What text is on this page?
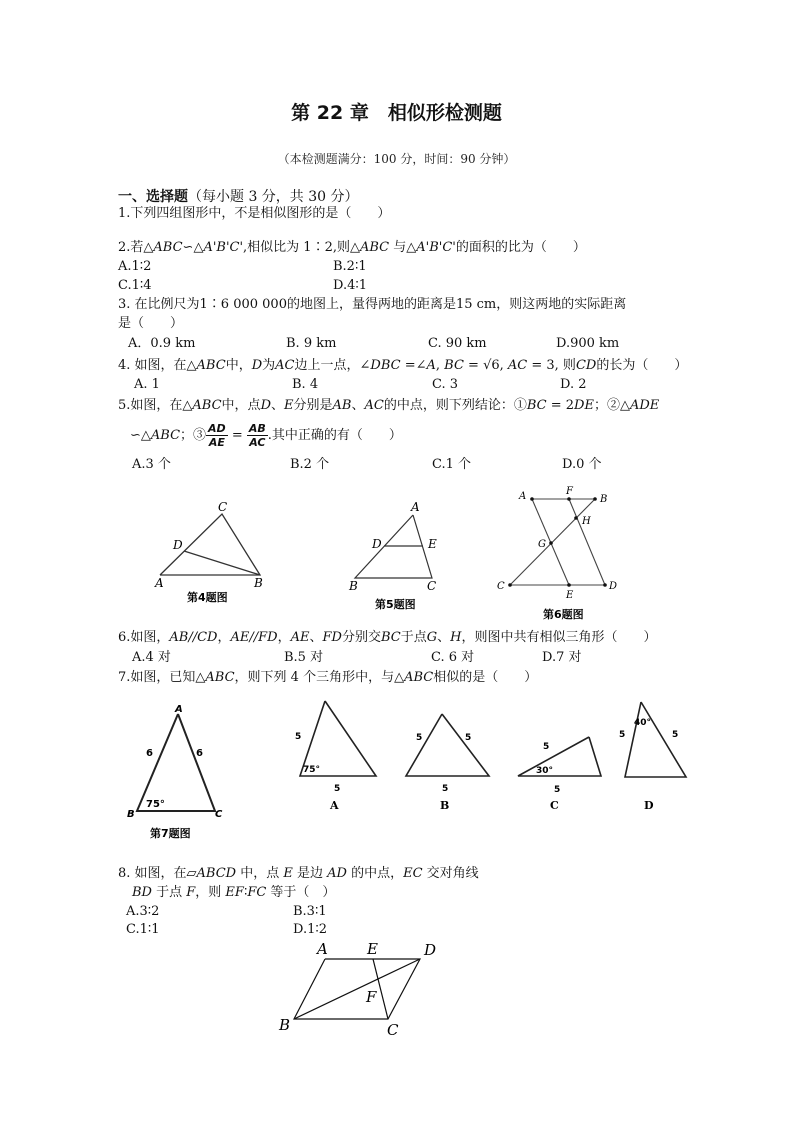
第 22 章　相似形检测题
（本检测题满分：100 分，时间：90 分钟）
一、选择题（每小题 3 分，共 30 分）
1.下列四组图形中，不是相似图形的是（　　）
2.若△ABC∽△A'B'C',相似比为 1∶2,则△ABC 与△A'B'C'的面积的比为（　　）
A.1∶2	B.2∶1
C.1∶4	D.4∶1
3. 在比例尺为1∶6 000 000的地图上，量得两地的距离是15 cm，则这两地的实际距离
是（　　）
A．0.9 km	B. 9 km	C. 90 km	D.900 km
4. 如图，在△ABC中，D为AC边上一点，∠DBC =∠A, BC = √6, AC = 3, 则CD的长为（　　）
A. 1	B. 4	C. 3	D. 2
5.如图，在△ABC中，点D、E分别是AB、AC的中点，则下列结论：①BC = 2DE；②△ADE
∽△ABC；③ $\frac{AD}{AE} = \frac{AB}{AC}$ .其中正确的有（　　）
A.3 个	B.2 个	C.1 个	D.0 个
C
D
A	B
第4题图
A
D	E
B	C
第5题图
A	F
B
H
G
C
E
D
第6题图
6.如图，AB//CD，AE//FD，AE、FD分别交BC于点G、H，则图中共有相似三角形（　　）
A.4 对	B.5 对	C. 6 对	D.7 对
7.如图，已知△ABC，则下列 4 个三角形中，与△ABC相似的是（　　）
A
B	C
6	6
75°
第7题图
5
5
75°
A
5	5
5
B
5
5
30°
C
5	5
40°
D
8. 如图，在▱ABCD 中，点 E 是边 AD 的中点，EC 交对角线
BD 于点 F，则 EF∶FC 等于（　）
A.3∶2	B.3∶1
C.1∶1	D.1∶2
A	E	D
F
B	C
